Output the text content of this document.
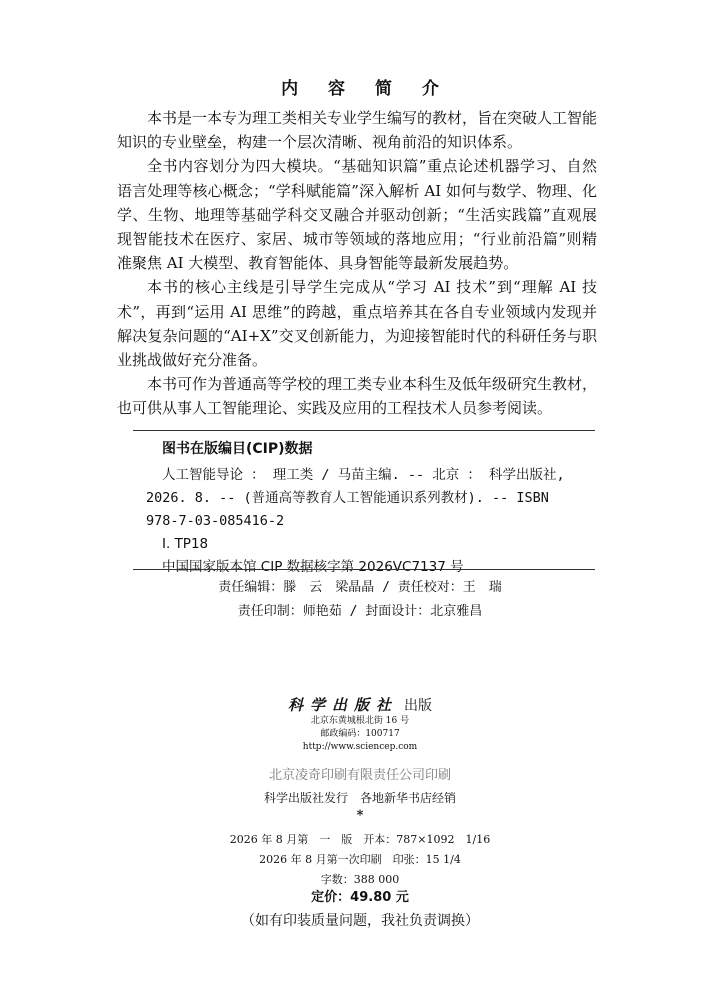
内 容 简 介

本书是一本专为理工类相关专业学生编写的教材，旨在突破人工智能知识的专业壁垒，构建一个层次清晰、视角前沿的知识体系。

全书内容划分为四大模块。“基础知识篇”重点论述机器学习、自然语言处理等核心概念；“学科赋能篇”深入解析 AI 如何与数学、物理、化学、生物、地理等基础学科交叉融合并驱动创新；“生活实践篇”直观展现智能技术在医疗、家居、城市等领域的落地应用；“行业前沿篇”则精准聚焦 AI 大模型、教育智能体、具身智能等最新发展趋势。

本书的核心主线是引导学生完成从“学习 AI 技术”到“理解 AI 技术”，再到“运用 AI 思维”的跨越，重点培养其在各自专业领域内发现并解决复杂问题的“AI+X”交叉创新能力，为迎接智能时代的科研任务与职业挑战做好充分准备。

本书可作为普通高等学校的理工类专业本科生及低年级研究生教材，也可供从事人工智能理论、实践及应用的工程技术人员参考阅读。

图书在版编目(CIP)数据
人工智能导论 ： 理工类 / 马苗主编. -- 北京 ： 科学出版社,
2026. 8. -- (普通高等教育人工智能通识系列教材). -- ISBN
978-7-03-085416-2
Ⅰ. TP18
中国国家版本馆 CIP 数据核字第 2026VC7137 号
责任编辑：滕　云　梁晶晶 / 责任校对：王　瑞
责任印制：师艳茹 / 封面设计：北京雅昌
科学出版社 出版
北京东黄城根北街 16 号
邮政编码：100717
http://www.sciencep.com
北京凌奇印刷有限责任公司印刷
科学出版社发行　各地新华书店经销
*
2026 年 8 月第　一　版　开本：787×1092　1/16
2026 年 8 月第一次印刷　印张：15 1/4
字数：388 000
定价：49.80 元
（如有印装质量问题，我社负责调换）
